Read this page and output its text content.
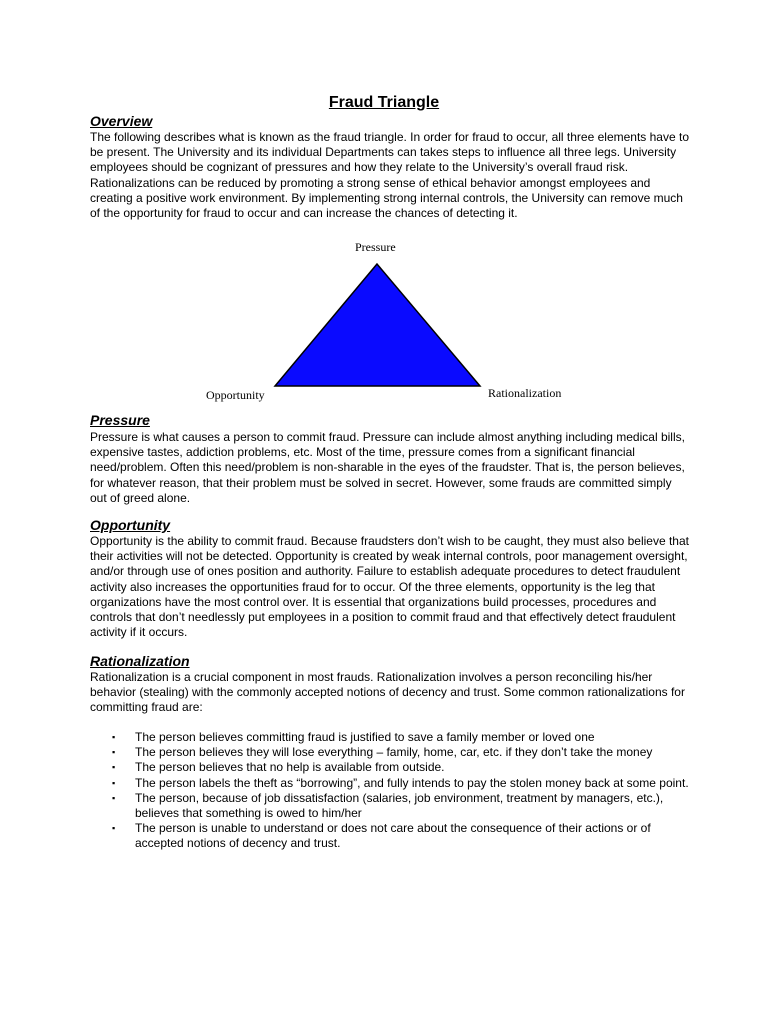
Fraud Triangle
Overview

The following describes what is known as the fraud triangle. In order for fraud to occur, all three elements have to be present. The University and its individual Departments can takes steps to influence all three legs. University employees should be cognizant of pressures and how they relate to the University’s overall fraud risk. Rationalizations can be reduced by promoting a strong sense of ethical behavior amongst employees and creating a positive work environment. By implementing strong internal controls, the University can remove much of the opportunity for fraud to occur and can increase the chances of detecting it.

Pressure
Opportunity	Rationalization
Pressure

Pressure is what causes a person to commit fraud. Pressure can include almost anything including medical bills, expensive tastes, addiction problems, etc. Most of the time, pressure comes from a significant financial need/problem. Often this need/problem is non-sharable in the eyes of the fraudster. That is, the person believes, for whatever reason, that their problem must be solved in secret. However, some frauds are committed simply out of greed alone.

Opportunity

Opportunity is the ability to commit fraud. Because fraudsters don’t wish to be caught, they must also believe that their activities will not be detected. Opportunity is created by weak internal controls, poor management oversight, and/or through use of ones position and authority. Failure to establish adequate procedures to detect fraudulent activity also increases the opportunities fraud for to occur. Of the three elements, opportunity is the leg that organizations have the most control over. It is essential that organizations build processes, procedures and controls that don’t needlessly put employees in a position to commit fraud and that effectively detect fraudulent activity if it occurs.

Rationalization

Rationalization is a crucial component in most frauds. Rationalization involves a person reconciling his/her behavior (stealing) with the commonly accepted notions of decency and trust. Some common rationalizations for committing fraud are:

▪ The person believes committing fraud is justified to save a family member or loved one
▪ The person believes they will lose everything – family, home, car, etc. if they don’t take the money
▪ The person believes that no help is available from outside.
▪ The person labels the theft as “borrowing”, and fully intends to pay the stolen money back at some point.
▪ The person, because of job dissatisfaction (salaries, job environment, treatment by managers, etc.), believes that something is owed to him/her
▪ The person is unable to understand or does not care about the consequence of their actions or of accepted notions of decency and trust.
